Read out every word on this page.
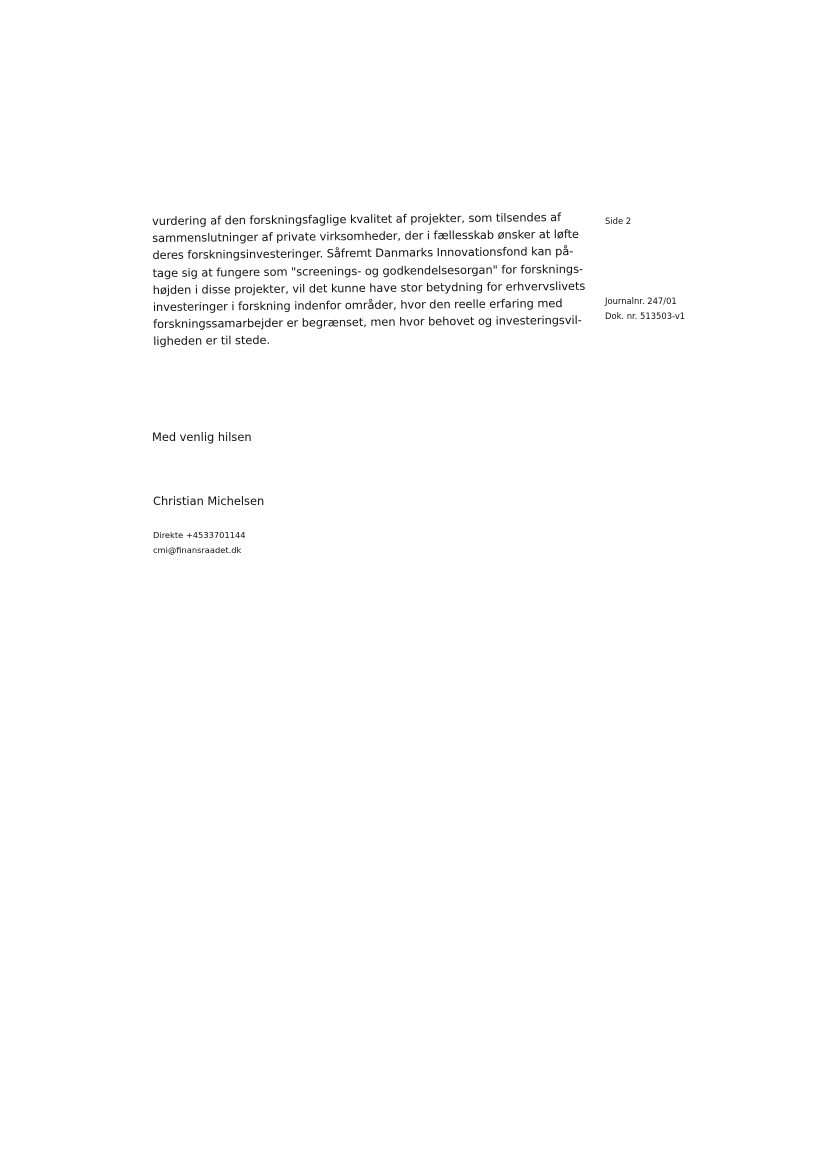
vurdering af den forskningsfaglige kvalitet af projekter, som tilsendes af
sammenslutninger af private virksomheder, der i fællesskab ønsker at løfte
deres forskningsinvesteringer. Såfremt Danmarks Innovationsfond kan på-
tage sig at fungere som "screenings- og godkendelsesorgan" for forsknings-
højden i disse projekter, vil det kunne have stor betydning for erhvervslivets
investeringer i forskning indenfor områder, hvor den reelle erfaring med
forskningssamarbejder er begrænset, men hvor behovet og investeringsvil-
ligheden er til stede.
Side 2
Journalnr. 247/01
Dok. nr. 513503-v1
Med venlig hilsen
Christian Michelsen
Direkte +4533701144
cmi@finansraadet.dk
